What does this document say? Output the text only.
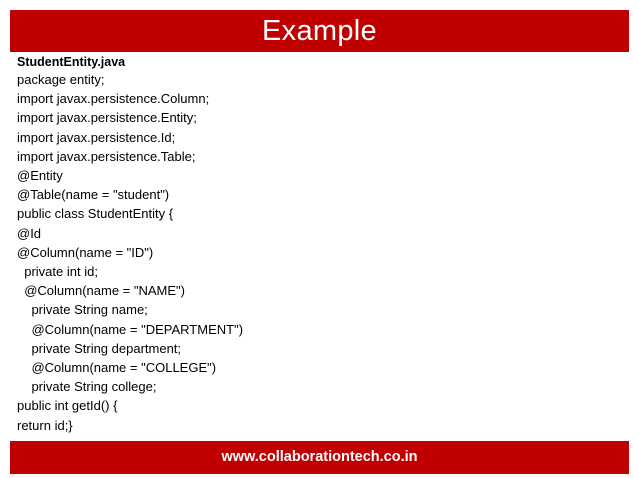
Example
StudentEntity.java
package entity;
import javax.persistence.Column;
import javax.persistence.Entity;
import javax.persistence.Id;
import javax.persistence.Table;
@Entity
@Table(name = "student")
public class StudentEntity {
@Id
@Column(name = "ID")
private int id;
@Column(name = "NAME")
private String name;
@Column(name = "DEPARTMENT")
private String department;
@Column(name = "COLLEGE")
private String college;
public int getId() {
return id;}
www.collaborationtech.co.in
